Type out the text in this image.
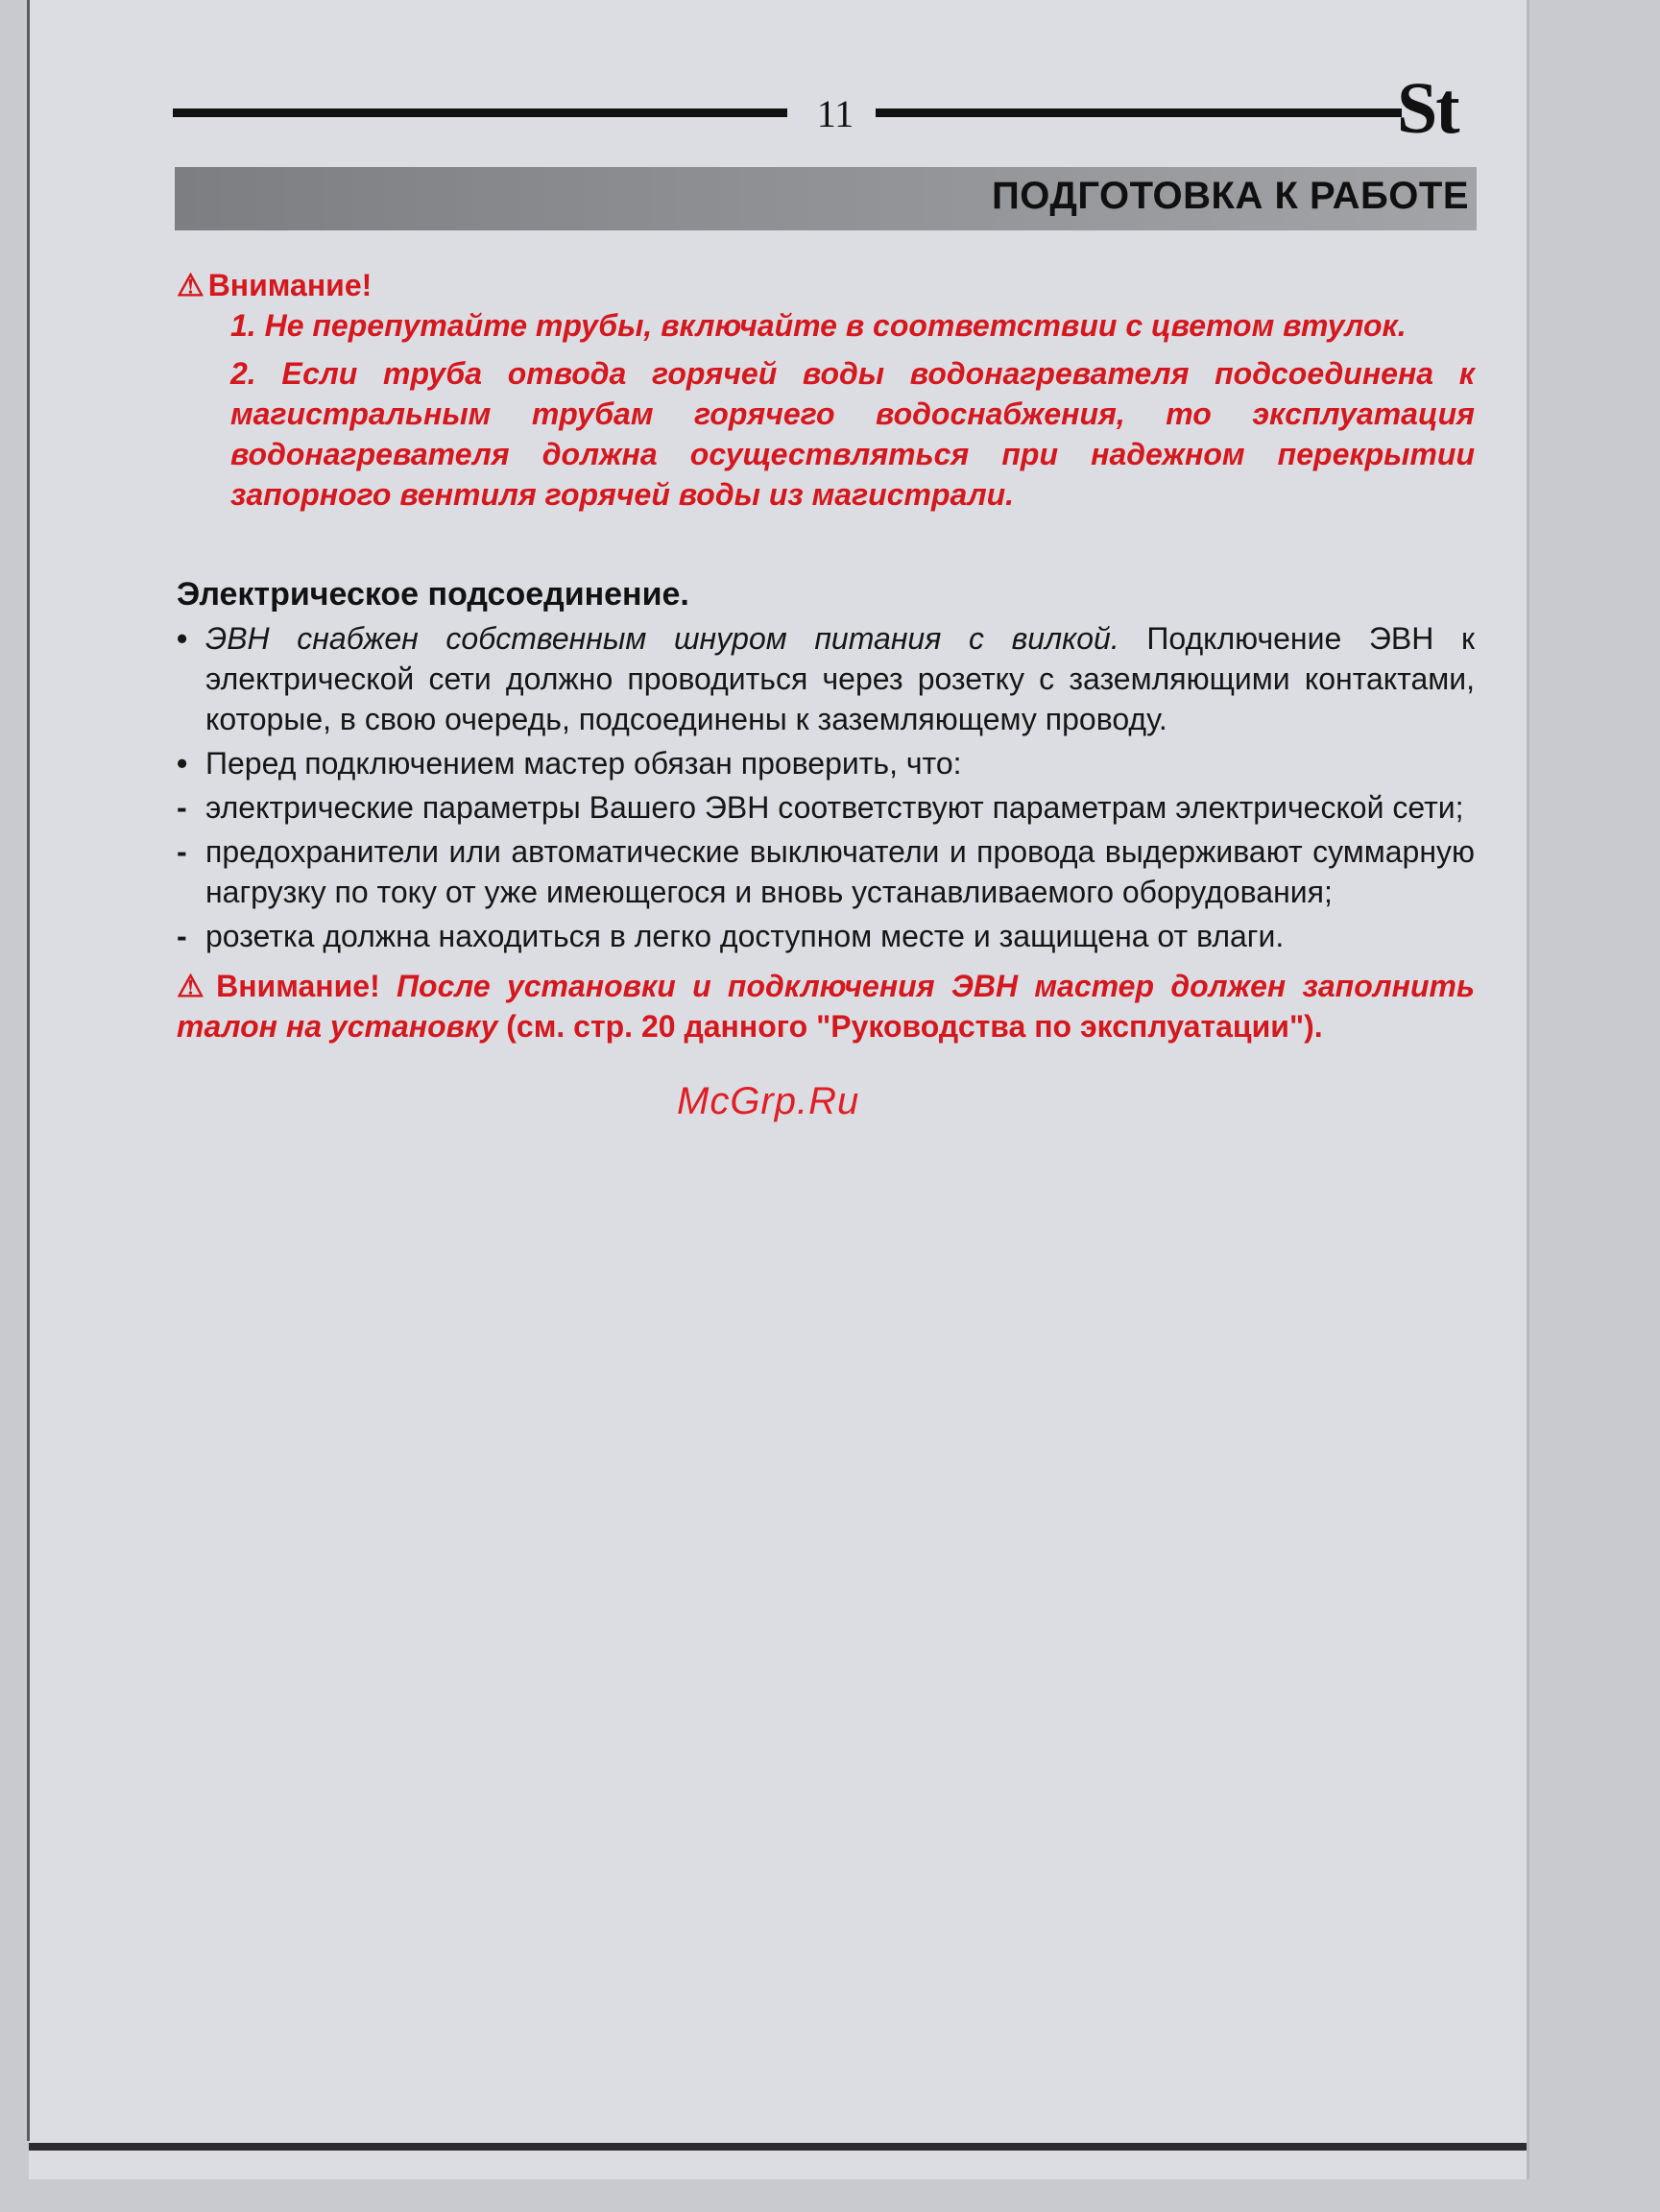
11	St
ПОДГОТОВКА К РАБОТЕ
⚠ Внимание!
1. Не перепутайте трубы, включайте в соответствии с цветом втулок.
2. Если труба отвода горячей воды водонагревателя подсоединена к магистральным трубам горячего водоснабжения, то эксплуатация водонагревателя должна осуществляться при надежном перекрытии запорного вентиля горячей воды из магистрали.
Электрическое подсоединение.
• ЭВН снабжен собственным шнуром питания с вилкой. Подключение ЭВН к электрической сети должно проводиться через розетку с заземляющими контактами, которые, в свою очередь, подсоединены к заземляющему проводу.
• Перед подключением мастер обязан проверить, что:
- электрические параметры Вашего ЭВН соответствуют параметрам электрической сети;
- предохранители или автоматические выключатели и провода выдерживают суммарную нагрузку по току от уже имеющегося и вновь устанавливаемого оборудования;
- розетка должна находиться в легко доступном месте и защищена от влаги.
⚠ Внимание! После установки и подключения ЭВН мастер должен заполнить талон на установку (см. стр. 20 данного "Руководства по эксплуатации").
McGrp.Ru
